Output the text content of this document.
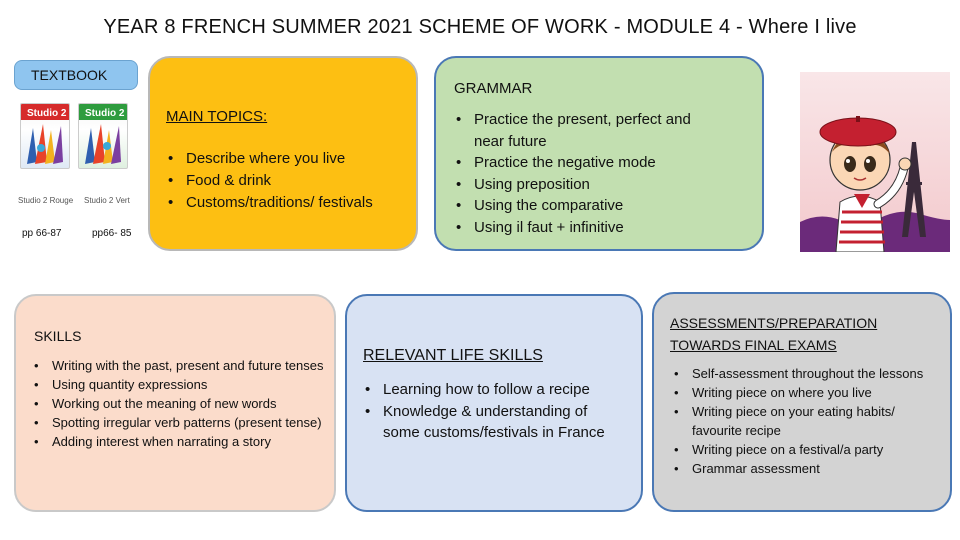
YEAR 8 FRENCH SUMMER 2021 SCHEME OF WORK - MODULE 4 - Where I live
TEXTBOOK
Studio 2 Studio 2
Studio 2 Rouge Studio 2 Vert
pp 66-87	pp66- 85
MAIN TOPICS:
• Describe where you live
• Food & drink
• Customs/traditions/ festivals
GRAMMAR
• Practice the present, perfect and near future
• Practice the negative mode
• Using preposition
• Using the comparative
• Using il faut + infinitive
SKILLS
• Writing with the past, present and future tenses
• Using quantity expressions
• Working out the meaning of new words
• Spotting irregular verb patterns (present tense)
• Adding interest when narrating a story
RELEVANT LIFE SKILLS
• Learning how to follow a recipe
• Knowledge & understanding of some customs/festivals in France
ASSESSMENTS/PREPARATION TOWARDS FINAL EXAMS
• Self-assessment throughout the lessons
• Writing piece on where you live
• Writing piece on your eating habits/ favourite recipe
• Writing piece on a festival/a party
• Grammar assessment
